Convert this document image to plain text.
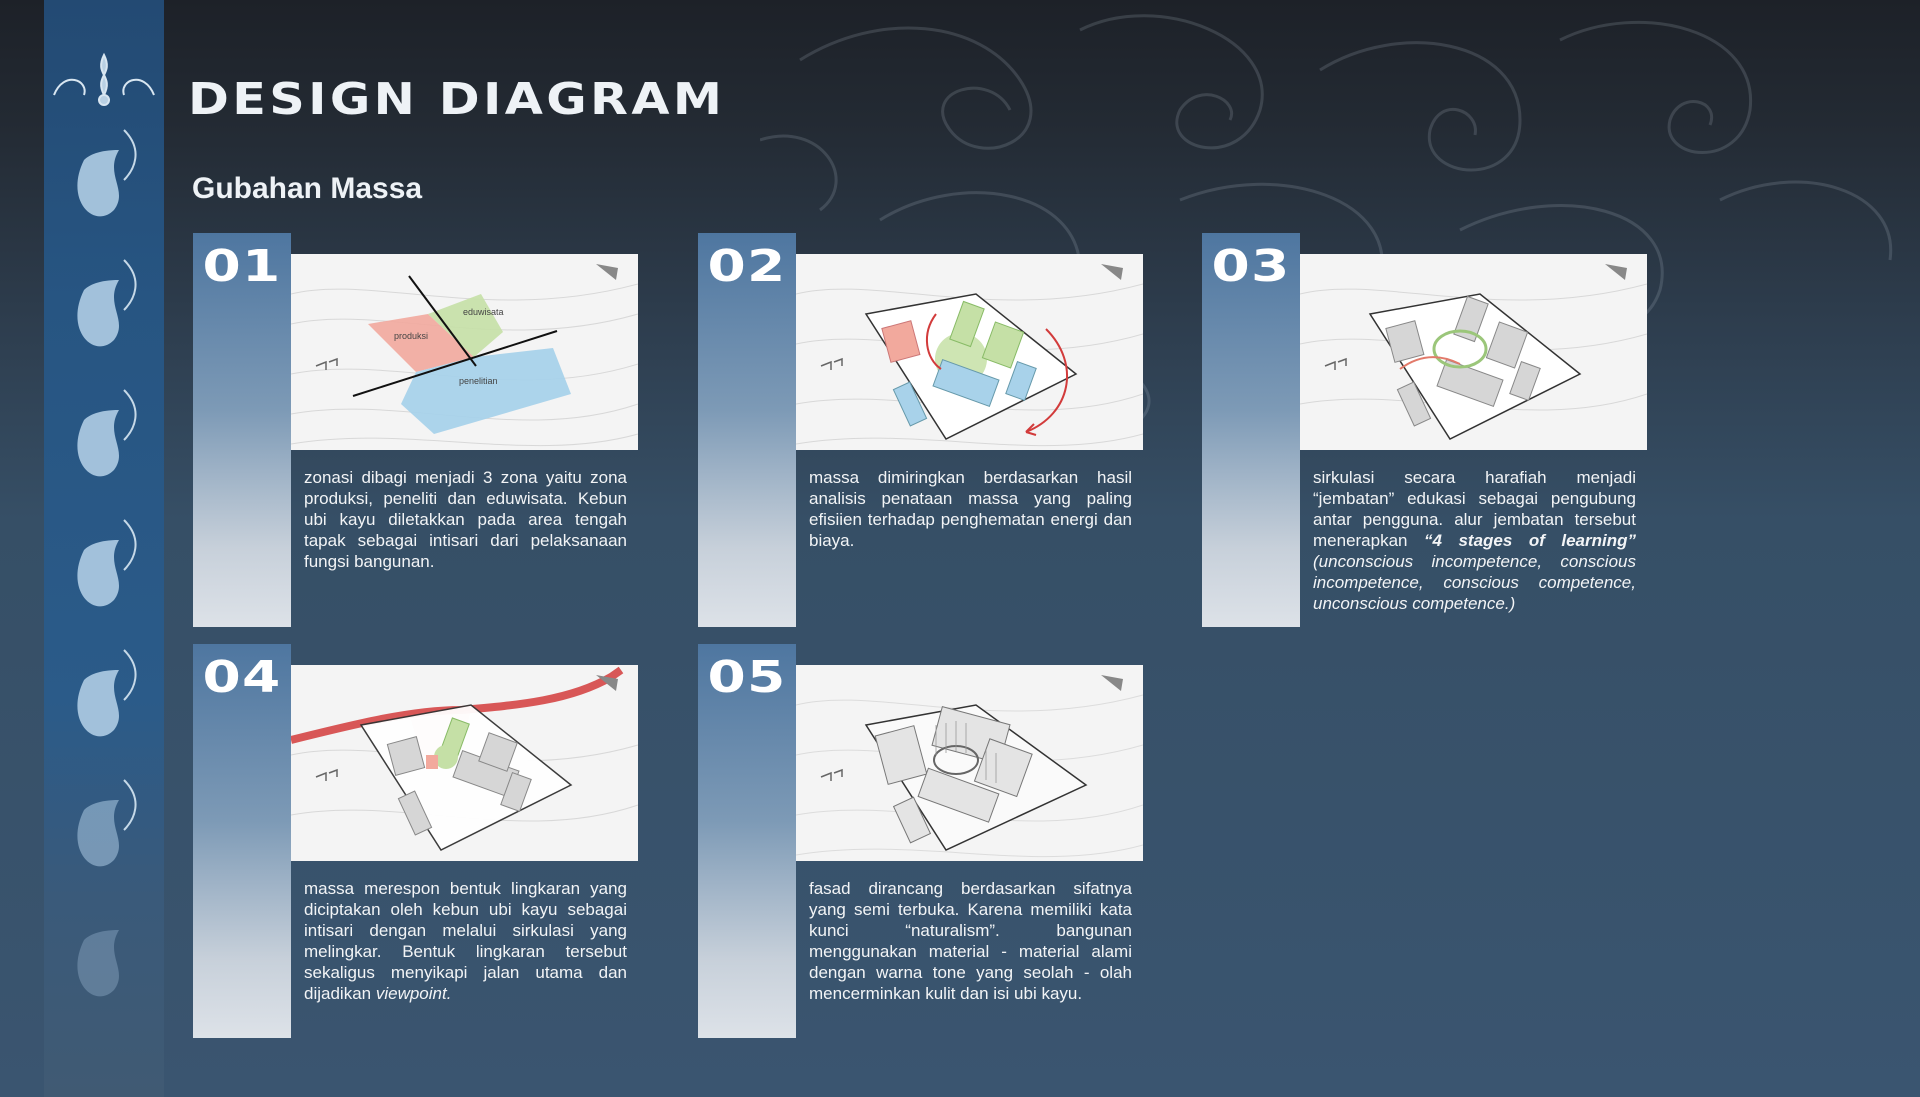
DESIGN DIAGRAM
Gubahan Massa
01
eduwisata
produksi
penelitian

zonasi dibagi menjadi 3 zona yaitu zona produksi, peneliti dan eduwisata. Kebun ubi kayu diletakkan pada area tengah tapak sebagai intisari dari pelaksanaan fungsi bangunan.

02

massa dimiringkan berdasarkan hasil analisis penataan massa yang paling efisiien terhadap penghematan energi dan biaya.

03

sirkulasi secara harafiah menjadi “jembatan” edukasi sebagai pengubung antar pengguna. alur jembatan tersebut menerapkan “4 stages of learning” (unconscious incompetence, conscious incompetence, conscious competence, unconscious competence.)

04

massa merespon bentuk lingkaran yang diciptakan oleh kebun ubi kayu sebagai intisari dengan melalui sirkulasi yang melingkar. Bentuk lingkaran tersebut sekaligus menyikapi jalan utama dan dijadikan viewpoint.

05

fasad dirancang berdasarkan sifatnya yang semi terbuka. Karena memiliki kata kunci “naturalism”. bangunan menggunakan material - material alami dengan warna tone yang seolah - olah mencerminkan kulit dan isi ubi kayu.
